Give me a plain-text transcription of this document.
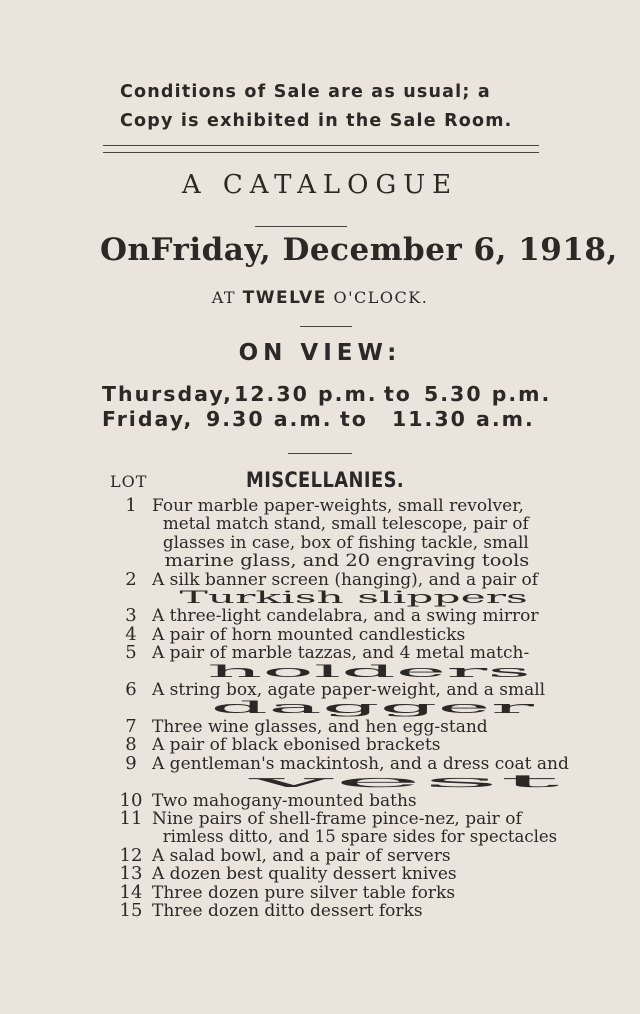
Conditions of Sale are as usual; a
Copy is exhibited in the Sale Room.
A CATALOGUE
On Friday, December 6, 1918,
AT TWELVE O'CLOCK.
ON VIEW:
Thursday, 12.30 p.m. to 5.30 p.m.
Friday, 9.30 a.m. to 11.30 a.m.
LOT	MISCELLANIES.
1 Four marble paper-weights, small revolver,
metal match stand, small telescope, pair ofglasses in case, box of fishing tackle, smallmarine glass, and 20 engraving tools
2 A silk banner screen (hanging), and a pair of
Turkish slippers
3 A three-light candelabra, and a swing mirror
4 A pair of horn mounted candlesticks
5 A pair of marble tazzas, and 4 metal match-
holders
6 A string box, agate paper-weight, and a small
dagger
7 Three wine glasses, and hen egg-stand
8 A pair of black ebonised brackets
9 A gentleman's mackintosh, and a dress coat and
vest
10 Two mahogany-mounted baths
11 Nine pairs of shell-frame pince-nez, pair of
rimless ditto, and 15 spare sides for spectacles
12 A salad bowl, and a pair of servers
13 A dozen best quality dessert knives
14 Three dozen pure silver table forks
15 Three dozen ditto dessert forks
